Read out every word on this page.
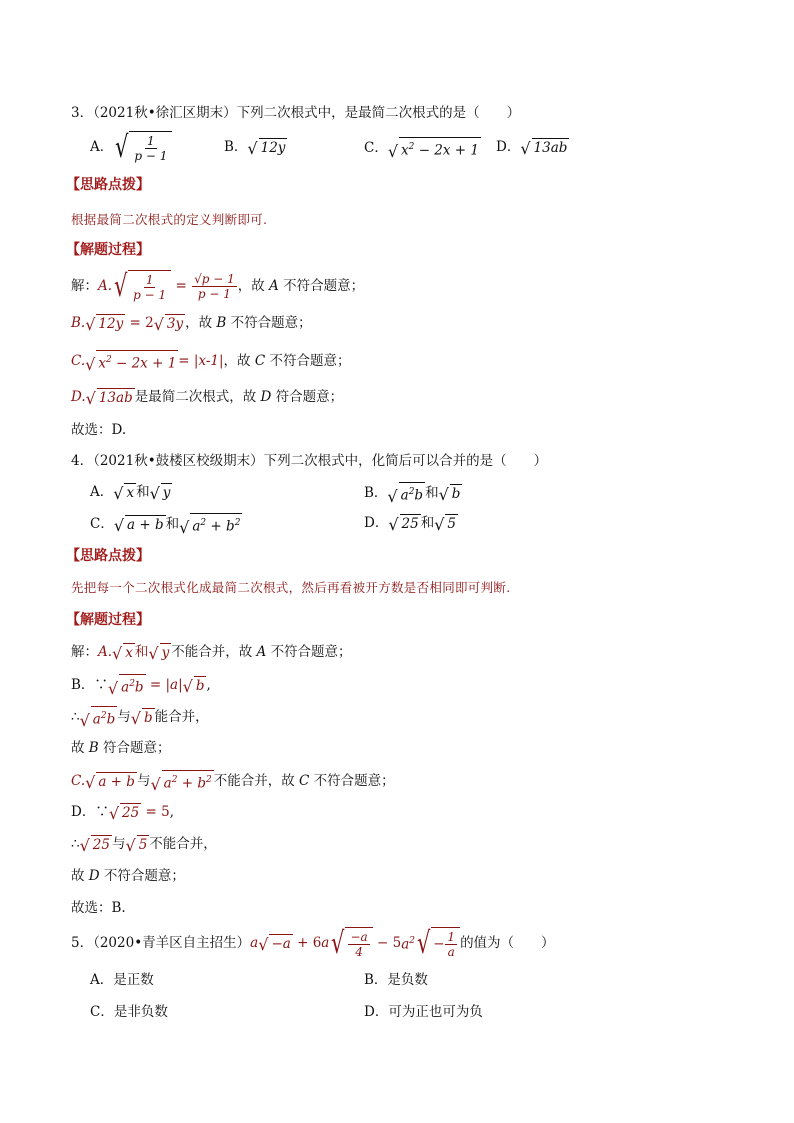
3．（2021秋•徐汇区期末）下列二次根式中，是最简二次根式的是（　　）
A． √ $\frac{1}{p - 1}$	B． √ 12y	C． √ $x^2 - 2x + 1$ D． √ 13ab
【思路点拨】
根据最简二次根式的定义判断即可.
【解题过程】
解： A. √ $\frac{1}{p - 1} = \frac{√p - 1}{p - 1}$ ，故 A 不符合题意；
B. √ 12y = 2 √ 3y ，故 B 不符合题意；
C. √ $x^2 - 2x + 1 = |x-1|$，故 C 不符合题意；
D. √ 13ab 是最简二次根式，故 D 符合题意；
故选：D.
4．（2021秋•鼓楼区校级期末）下列二次根式中，化简后可以合并的是（　　）
A． √ x 和 √ y	B． √ $a^2b$ 和 √ b
C． √ a + b 和 √ $a^2 + b^2$	D． √ 25 和 √ 5
【思路点拨】
先把每一个二次根式化成最简二次根式，然后再看被开方数是否相同即可判断.
【解题过程】
解：A. √ x 和 √ y 不能合并，故 A 不符合题意；
B．∵ √ $a^2b = |a|$ √ b ,
∴ √ $a^2b$ 与 √ b 能合并，
故 B 符合题意；
C. √ a + b 与 √ $a^2 + b^2$ 不能合并，故 C 不符合题意；
D．∵ √ 25 = 5,
∴ √ 25 与 √ 5 不能合并，
故 D 不符合题意；
故选：B.
5．（2020•青羊区自主招生） a √ −a + 6 a √ $\frac{-a}{4} - 5$ $a^2$ √ − $\frac{1}{a}$ 的值为（　　）
A．是正数	B．是负数
C．是非负数	D．可为正也可为负
